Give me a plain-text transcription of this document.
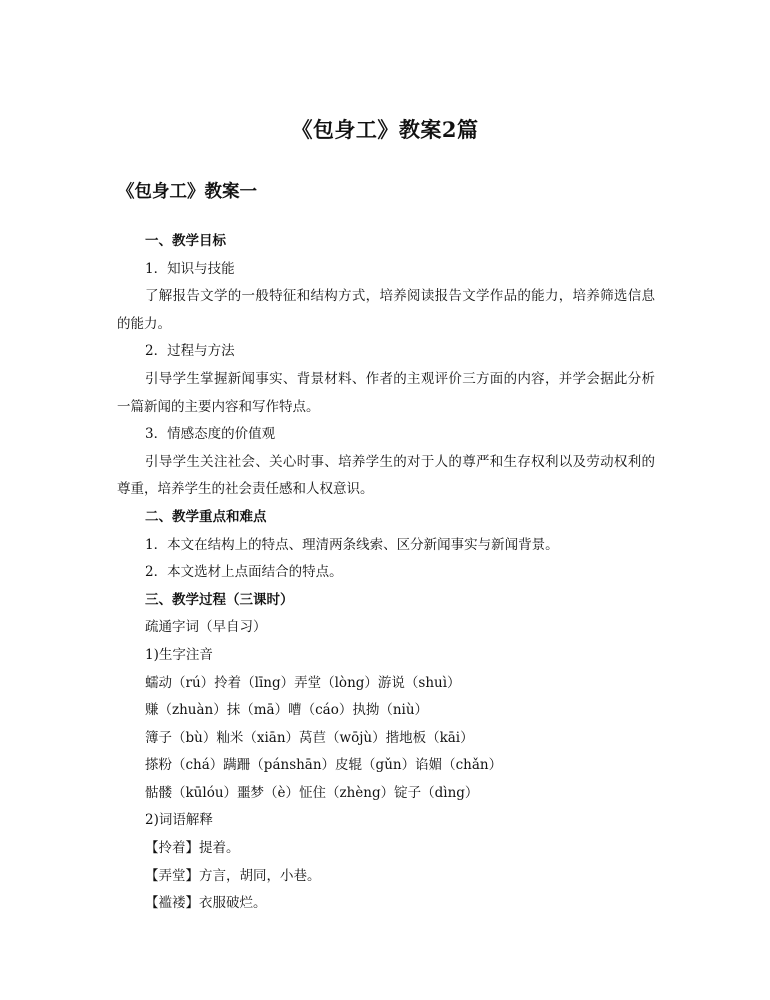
《包身工》教案2篇
《包身工》教案一
一、教学目标
1．知识与技能
了解报告文学的一般特征和结构方式，培养阅读报告文学作品的能力，培养筛选信息的能力。
2．过程与方法
引导学生掌握新闻事实、背景材料、作者的主观评价三方面的内容，并学会据此分析一篇新闻的主要内容和写作特点。
3．情感态度的价值观
引导学生关注社会、关心时事、培养学生的对于人的尊严和生存权利以及劳动权利的尊重，培养学生的社会责任感和人权意识。
二、教学重点和难点
1．本文在结构上的特点、理清两条线索、区分新闻事实与新闻背景。
2．本文选材上点面结合的特点。
三、教学过程（三课时）
疏通字词（早自习）
1)生字注音
蠕动（rú）拎着（līng）弄堂（lòng）游说（shuì）
赚（zhuàn）抹（mā）嘈（cáo）执拗（niù）
簿子（bù）籼米（xiān）莴苣（wōjù）揩地板（kāi）
搽粉（chá）蹒跚（pánshān）皮辊（gǔn）谄媚（chǎn）
骷髅（kūlóu）噩梦（è）怔住（zhèng）锭子（dìng）
2)词语解释
【拎着】提着。
【弄堂】方言，胡同，小巷。
【褴褛】衣服破烂。
